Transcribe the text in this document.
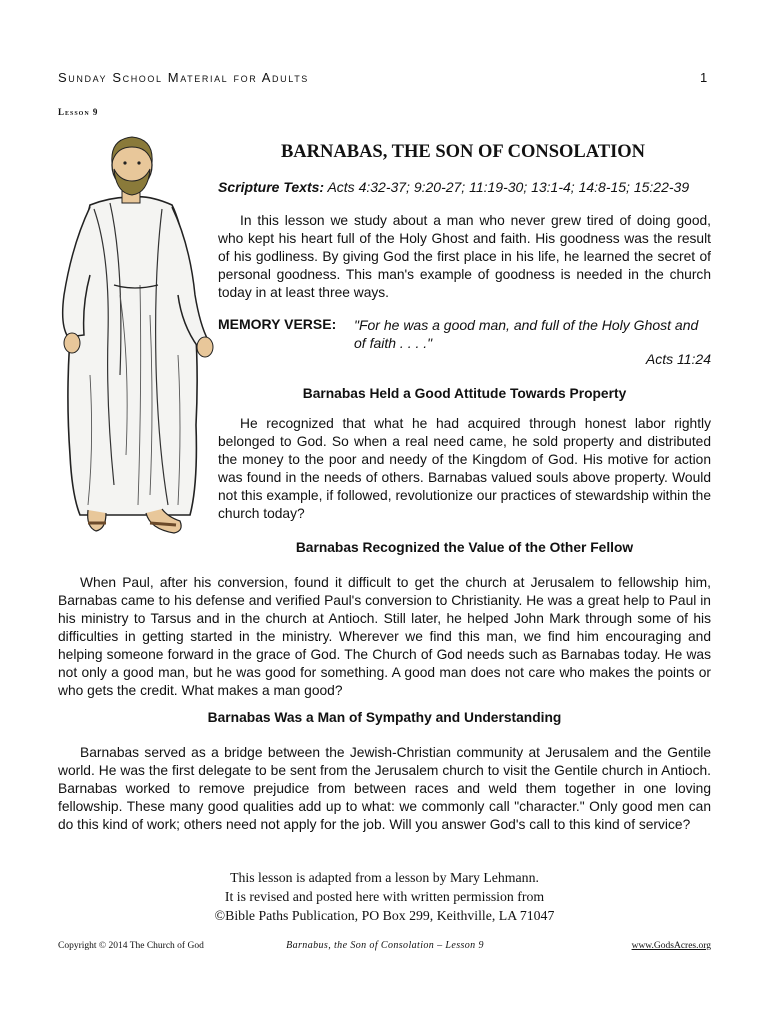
Sunday School Material for Adults	1
Lesson 9
BARNABAS, THE SON OF CONSOLATION
Scripture Texts: Acts 4:32-37; 9:20-27; 11:19-30; 13:1-4; 14:8-15; 15:22-39

In this lesson we study about a man who never grew tired of doing good, who kept his heart full of the Holy Ghost and faith. His goodness was the result of his godliness. By giving God the first place in his life, he learned the secret of personal goodness. This man's example of goodness is needed in the church today in at least three ways.

MEMORY VERSE: "For he was a good man, and full of the Holy Ghost and of faith . . . ."
Acts 11:24
Barnabas Held a Good Attitude Towards Property

He recognized that what he had acquired through honest labor rightly belonged to God. So when a real need came, he sold property and distributed the money to the poor and needy of the Kingdom of God. His motive for action was found in the needs of others. Barnabas valued souls above property. Would not this example, if followed, revolutionize our practices of stewardship within the church today?

Barnabas Recognized the Value of the Other Fellow

When Paul, after his conversion, found it difficult to get the church at Jerusalem to fellowship him, Barnabas came to his defense and verified Paul's conversion to Christianity. He was a great help to Paul in his ministry to Tarsus and in the church at Antioch. Still later, he helped John Mark through some of his difficulties in getting started in the ministry. Wherever we find this man, we find him encouraging and helping someone forward in the grace of God. The Church of God needs such as Barnabas today. He was not only a good man, but he was good for something. A good man does not care who makes the points or who gets the credit. What makes a man good?

Barnabas Was a Man of Sympathy and Understanding

Barnabas served as a bridge between the Jewish-Christian community at Jerusalem and the Gentile world. He was the first delegate to be sent from the Jerusalem church to visit the Gentile church in Antioch. Barnabas worked to remove prejudice from between races and weld them together in one loving fellowship. These many good qualities add up to what: we commonly call "character." Only good men can do this kind of work; others need not apply for the job. Will you answer God's call to this kind of service?

This lesson is adapted from a lesson by Mary Lehmann.
It is revised and posted here with written permission from
©Bible Paths Publication, PO Box 299, Keithville, LA 71047
Copyright © 2014 The Church of God	Barnabus, the Son of Consolation – Lesson 9	www.GodsAcres.org
